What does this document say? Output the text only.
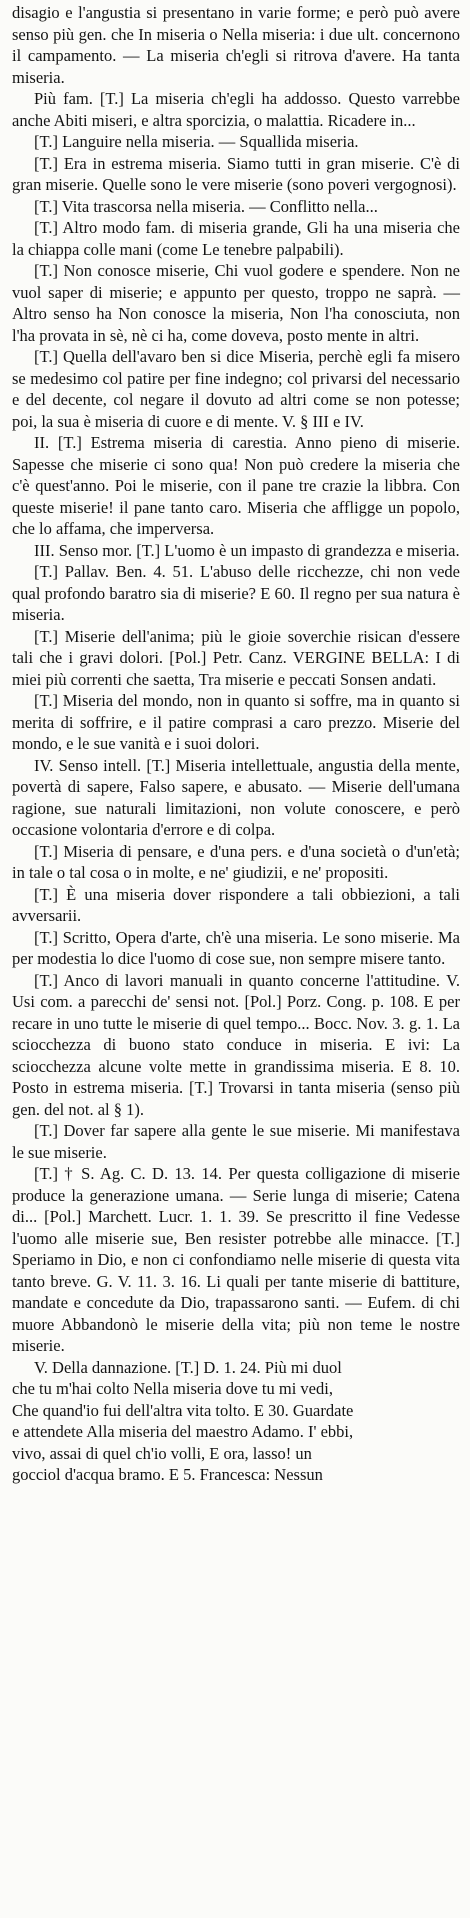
disagio e l'angustia si presentano in varie forme; e però può avere senso più gen. che In miseria o Nella miseria: i due ult. concernono il campamento. — La miseria ch'egli si ritrova d'avere. Ha tanta miseria.

Più fam. [T.] La miseria ch'egli ha addosso. Questo varrebbe anche Abiti miseri, e altra sporcizia, o malattia. Ricadere in...

[T.] Languire nella miseria. — Squallida miseria.

[T.] Era in estrema miseria. Siamo tutti in gran miserie. C'è di gran miserie. Quelle sono le vere miserie (sono poveri vergognosi).

[T.] Vita trascorsa nella miseria. — Conflitto nella...

[T.] Altro modo fam. di miseria grande, Gli ha una miseria che la chiappa colle mani (come Le tenebre palpabili).

[T.] Non conosce miserie, Chi vuol godere e spendere. Non ne vuol saper di miserie; e appunto per questo, troppo ne saprà. — Altro senso ha Non conosce la miseria, Non l'ha conosciuta, non l'ha provata in sè, nè ci ha, come doveva, posto mente in altri.

[T.] Quella dell'avaro ben si dice Miseria, perchè egli fa misero se medesimo col patire per fine indegno; col privarsi del necessario e del decente, col negare il dovuto ad altri come se non potesse; poi, la sua è miseria di cuore e di mente. V. § III e IV.

II. [T.] Estrema miseria di carestia. Anno pieno di miserie. Sapesse che miserie ci sono qua! Non può credere la miseria che c'è quest'anno. Poi le miserie, con il pane tre crazie la libbra. Con queste miserie! il pane tanto caro. Miseria che affligge un popolo, che lo affama, che imperversa.

III. Senso mor. [T.] L'uomo è un impasto di grandezza e miseria.

[T.] Pallav. Ben. 4. 51. L'abuso delle ricchezze, chi non vede qual profondo baratro sia di miserie? E 60. Il regno per sua natura è miseria.

[T.] Miserie dell'anima; più le gioie soverchie risican d'essere tali che i gravi dolori. [Pol.] Petr. Canz. VERGINE BELLA: I di miei più correnti che saetta, Tra miserie e peccati Sonsen andati.

[T.] Miseria del mondo, non in quanto si soffre, ma in quanto si merita di soffrire, e il patire comprasi a caro prezzo. Miserie del mondo, e le sue vanità e i suoi dolori.

IV. Senso intell. [T.] Miseria intellettuale, angustia della mente, povertà di sapere, Falso sapere, e abusato. — Miserie dell'umana ragione, sue naturali limitazioni, non volute conoscere, e però occasione volontaria d'errore e di colpa.

[T.] Miseria di pensare, e d'una pers. e d'una società o d'un'età; in tale o tal cosa o in molte, e ne' giudizii, e ne' propositi.

[T.] È una miseria dover rispondere a tali obbiezioni, a tali avversarii.

[T.] Scritto, Opera d'arte, ch'è una miseria. Le sono miserie. Ma per modestia lo dice l'uomo di cose sue, non sempre misere tanto.

[T.] Anco di lavori manuali in quanto concerne l'attitudine. V. Usi com. a parecchi de' sensi not. [Pol.] Porz. Cong. p. 108. E per recare in uno tutte le miserie di quel tempo... Bocc. Nov. 3. g. 1. La sciocchezza di buono stato conduce in miseria. E ivi: La sciocchezza alcune volte mette in grandissima miseria. E 8. 10. Posto in estrema miseria. [T.] Trovarsi in tanta miseria (senso più gen. del not. al § 1).

[T.] Dover far sapere alla gente le sue miserie. Mi manifestava le sue miserie.

[T.] † S. Ag. C. D. 13. 14. Per questa colligazione di miserie produce la generazione umana. — Serie lunga di miserie; Catena di... [Pol.] Marchett. Lucr. 1. 1. 39. Se prescritto il fine Vedesse l'uomo alle miserie sue, Ben resister potrebbe alle minacce. [T.] Speriamo in Dio, e non ci confondiamo nelle miserie di questa vita tanto breve. G. V. 11. 3. 16. Li quali per tante miserie di battiture, mandate e concedute da Dio, trapassarono santi. — Eufem. di chi muore Abbandonò le miserie della vita; più non teme le nostre miserie.

V. Della dannazione. [T.] D. 1. 24. Più mi duol

che tu m'hai colto Nella miseria dove tu mi vedi,

Che quand'io fui dell'altra vita tolto. E 30. Guardate

e attendete Alla miseria del maestro Adamo. I' ebbi,

vivo, assai di quel ch'io volli, E ora, lasso! un

gocciol d'acqua bramo. E 5. Francesca: Nessun
